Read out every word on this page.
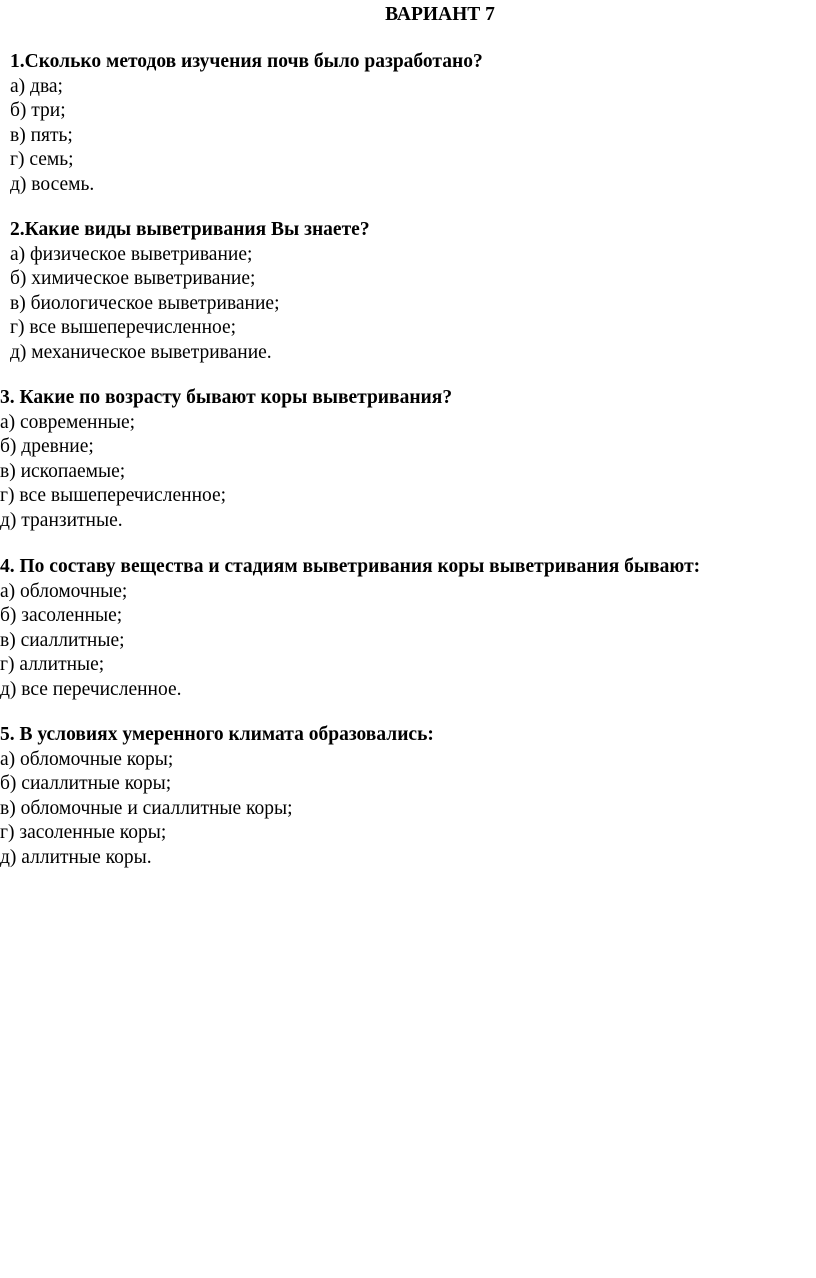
ВАРИАНТ 7
1.Сколько методов изучения почв было разработано?
а) два;
б) три;
в) пять;
г) семь;
д) восемь.
2.Какие виды выветривания Вы знаете?
а) физическое выветривание;
б) химическое выветривание;
в) биологическое выветривание;
г) все вышеперечисленное;
д) механическое выветривание.
3. Какие по возрасту бывают коры выветривания?
а) современные;
б) древние;
в) ископаемые;
г) все вышеперечисленное;
д) транзитные.
4. По составу вещества и стадиям выветривания коры выветривания бывают:
а) обломочные;
б) засоленные;
в) сиаллитные;
г) аллитные;
д) все перечисленное.
5. В условиях умеренного климата образовались:
а) обломочные коры;
б) сиаллитные коры;
в) обломочные и сиаллитные коры;
г) засоленные коры;
д) аллитные коры.
